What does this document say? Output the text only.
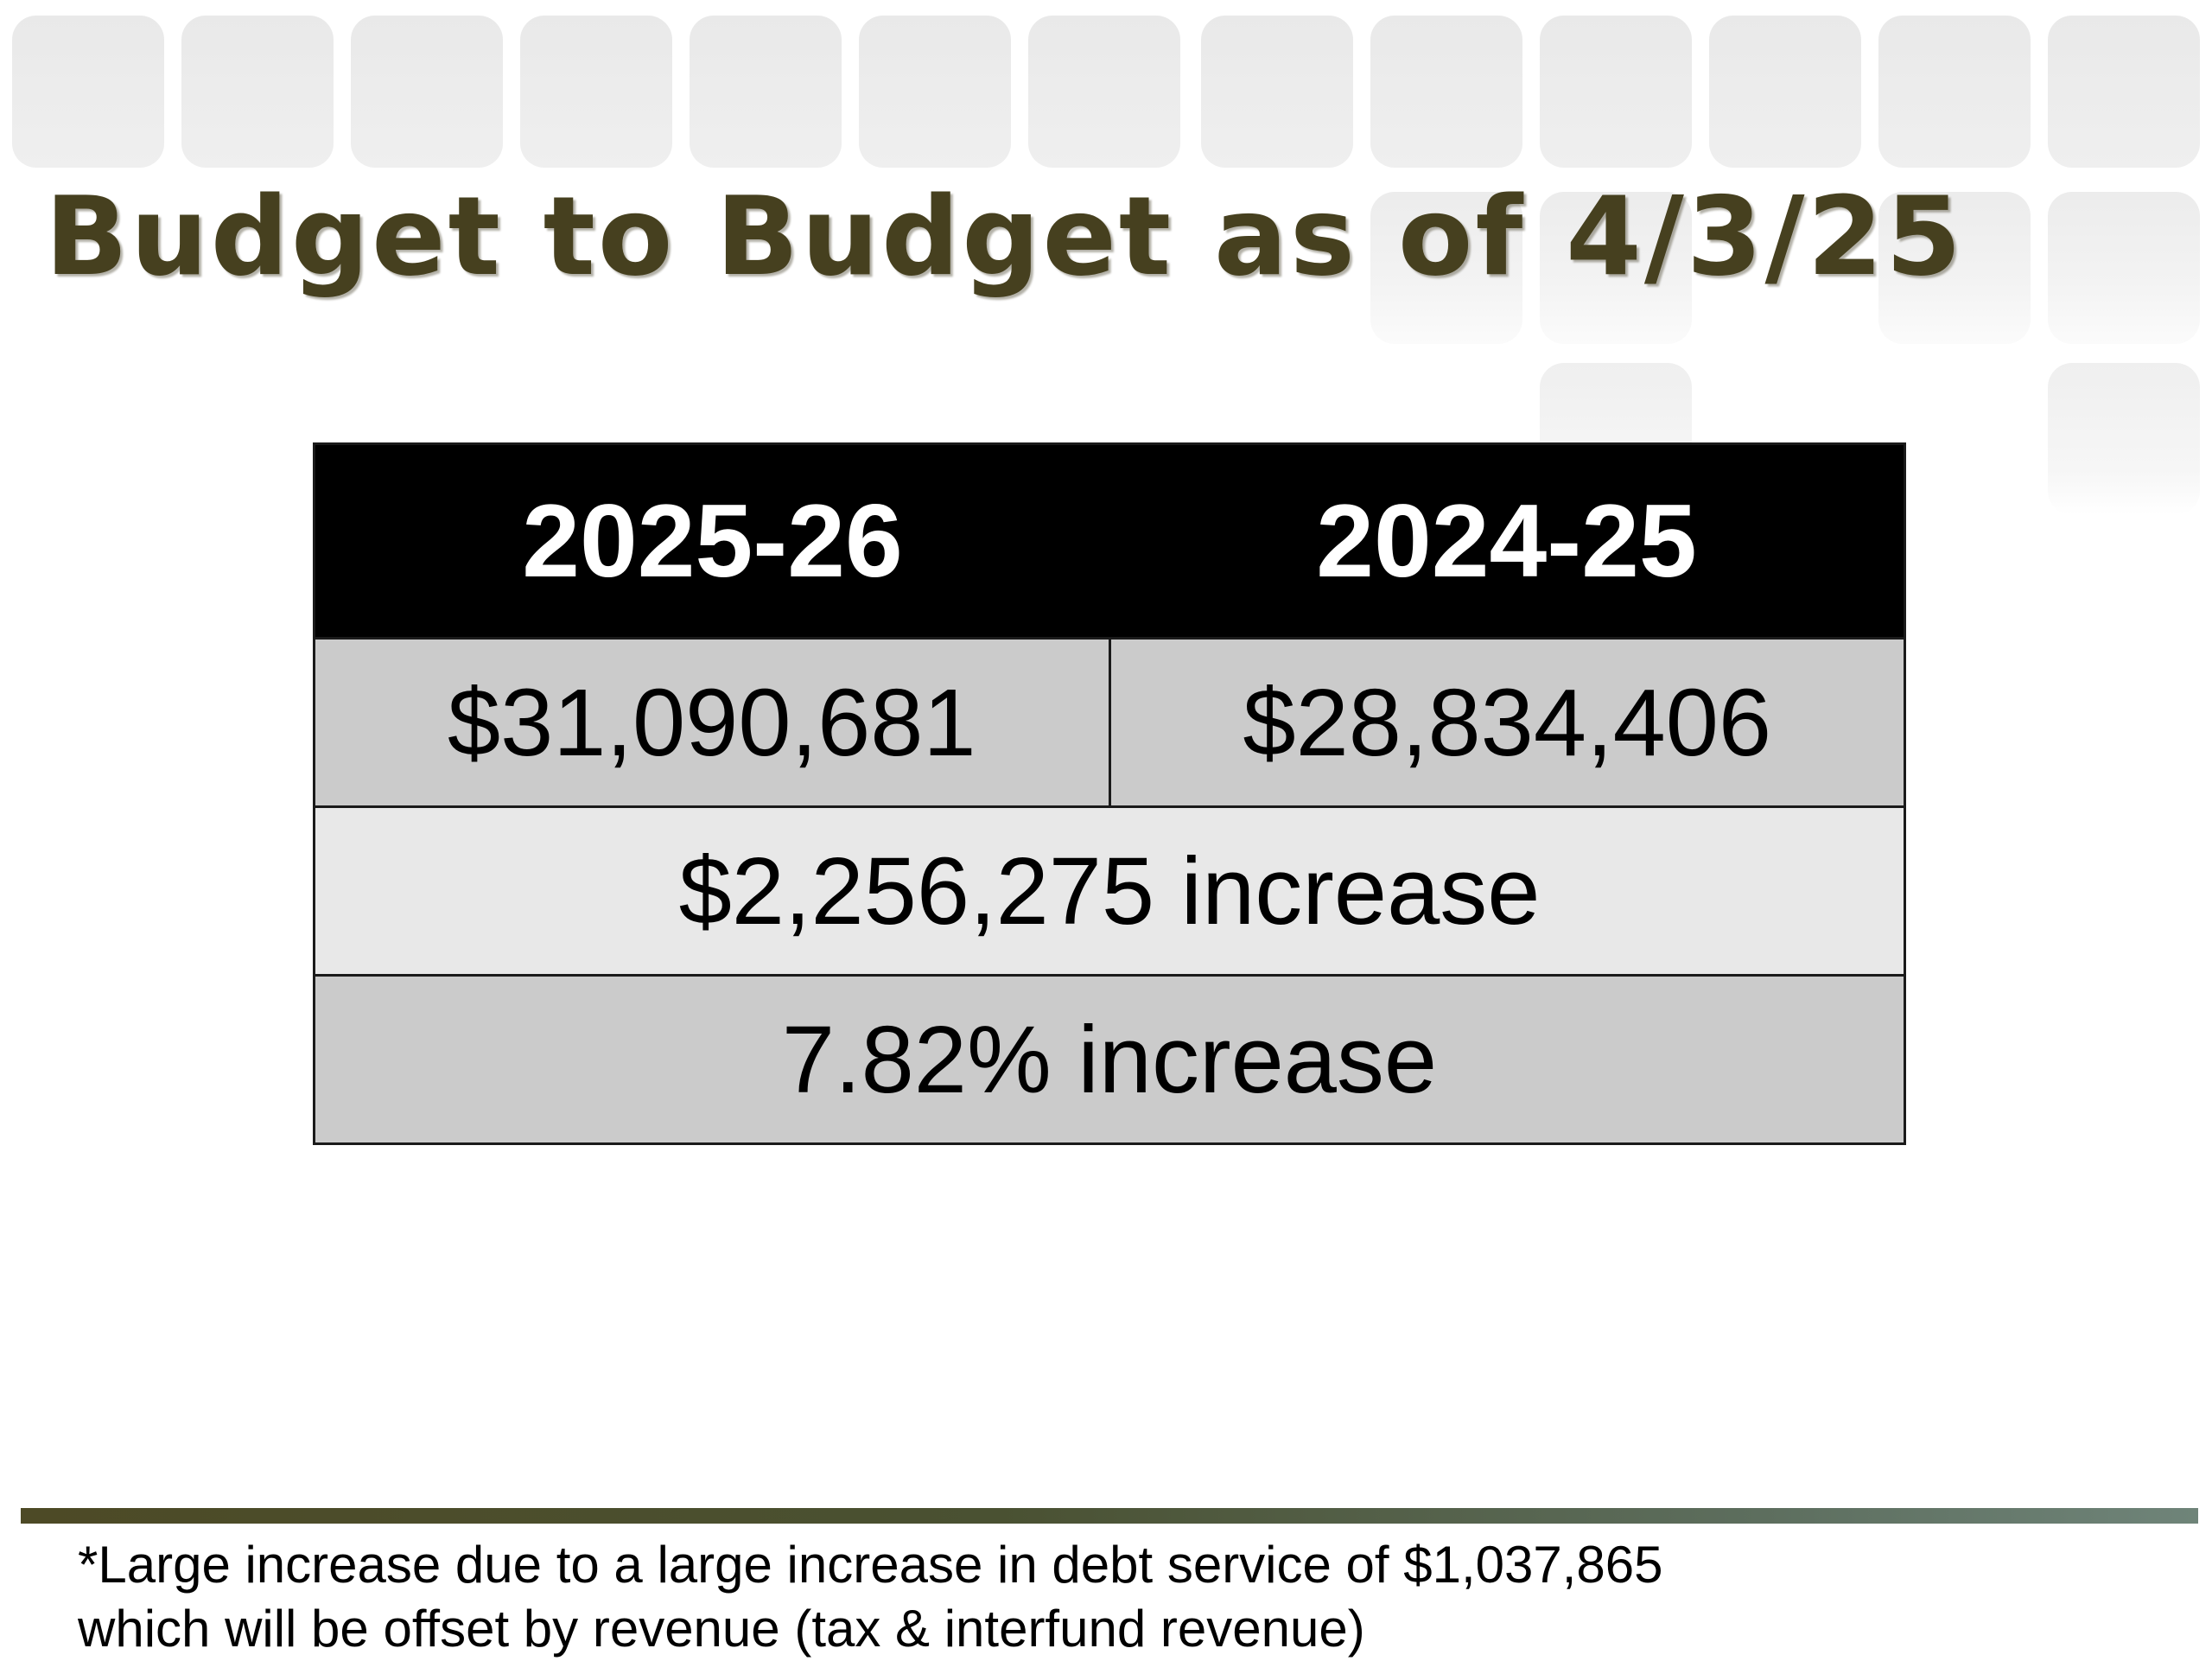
Budget to Budget as of 4/3/25
2025-26	2024-25
$31,090,681	$28,834,406
$2,256,275 increase	
7.82% increase	

*Large increase due to a large increase in debt service of $1,037,865
which will be offset by revenue (tax & interfund revenue)
